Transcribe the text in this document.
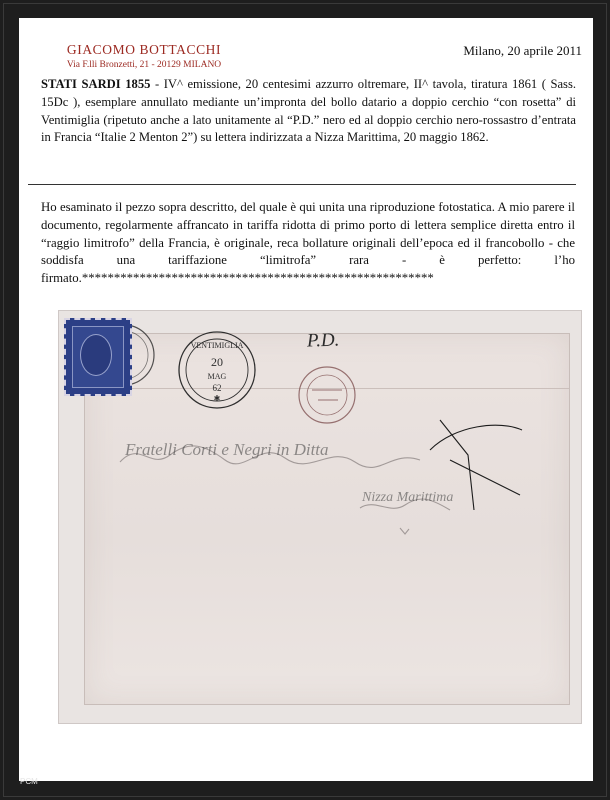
GIACOMO BOTTACCHI

Via F.lli Bronzetti, 21 - 20129 MILANO

Milano, 20 aprile 2011

STATI SARDI 1855 - IV^ emissione, 20 centesimi azzurro oltremare, II^ tavola, tiratura 1861 ( Sass. 15Dc ), esemplare annullato mediante un’impronta del bollo datario a doppio cerchio “con rosetta” di Ventimiglia (ripetuto anche a lato unitamente al “P.D.” nero ed al doppio cerchio nero-rossastro d’entrata in Francia “Italie 2 Menton 2”) su lettera indirizzata a Nizza Marittima, 20 maggio 1862.

Ho esaminato il pezzo sopra descritto, del quale è qui unita una riproduzione fotostatica. A mio parere il documento, regolarmente affrancato in tariffa ridotta di primo porto di lettera semplice diretta entro il “raggio limitrofo” della Francia, è originale, reca bollature originali dell’epoca ed il francobollo - che soddisfa una tariffazione “limitrofa” rara - è perfetto: l’ho firmato.*******************************************************

VENTIMIGLIA
20
MAG
62
✱

P.D.

Fratelli Corti e Negri in Ditta

Nizza Marittima

PCM
